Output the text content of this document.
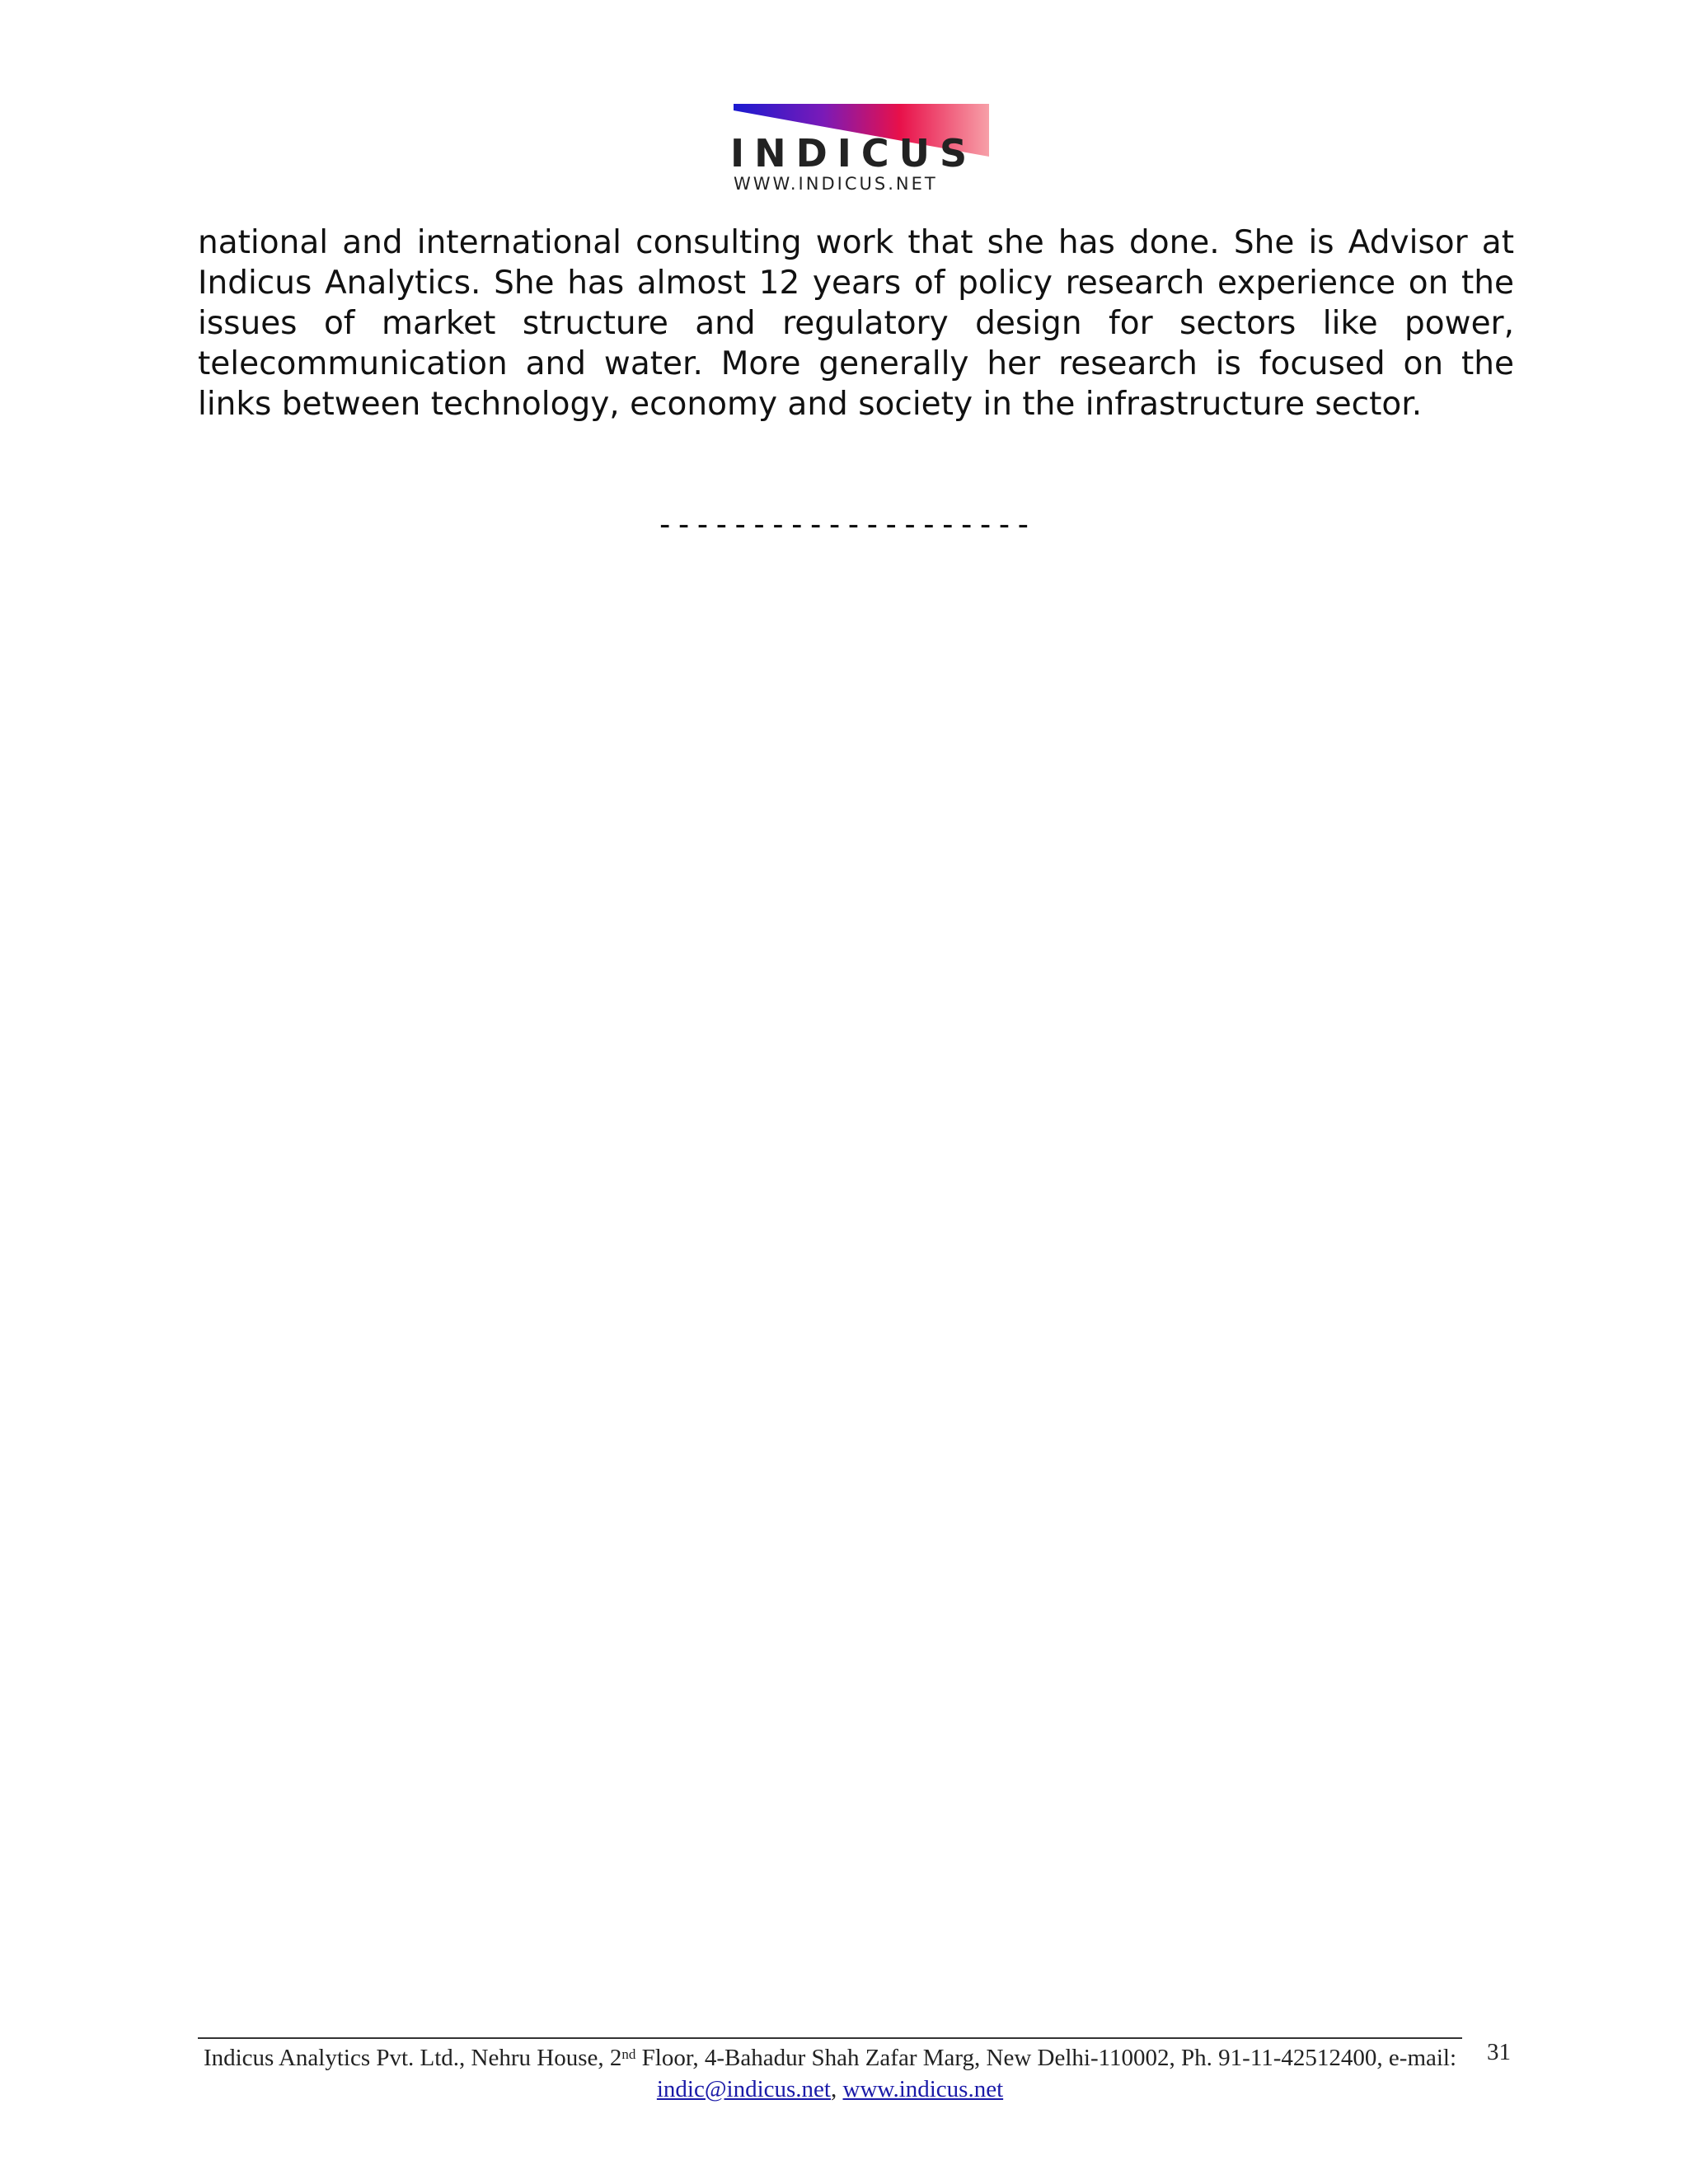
INDICUS
WWW.INDICUS.NET
national and international consulting work that she has done. She is Advisor at Indicus Analytics. She has almost 12 years of policy research experience on the issues of market structure and regulatory design for sectors like power, telecommunication and water. More generally her research is focused on the links between technology, economy and society in the infrastructure sector.
--------------------
Indicus Analytics Pvt. Ltd., Nehru House, 2nd Floor, 4-Bahadur Shah Zafar Marg, New Delhi-110002, Ph. 91-11-42512400, e-mail: indic@indicus.net, www.indicus.net
31
